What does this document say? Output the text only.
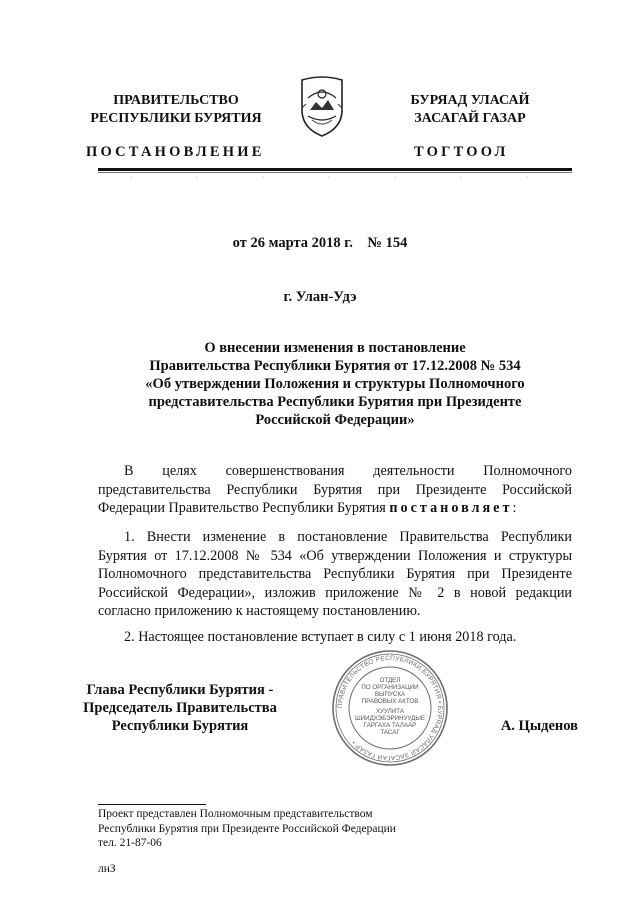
ПРАВИТЕЛЬСТВО
РЕСПУБЛИКИ БУРЯТИЯ
БУРЯАД УЛАСАЙ
ЗАСАГАЙ ГАЗАР
ПОСТАНОВЛЕНИЕ	ТОГТООЛ
от 26 марта 2018 г.    № 154
г. Улан-Удэ
О внесении изменения в постановление
Правительства Республики Бурятия от 17.12.2008 № 534
«Об утверждении Положения и структуры Полномочного
представительства Республики Бурятия при Президенте
Российской Федерации»
В целях совершенствования деятельности Полномочного представительства Республики Бурятия при Президенте Российской Федерации Правительство Республики Бурятия постановляет:
1. Внести изменение в постановление Правительства Республики Бурятия от 17.12.2008 № 534 «Об утверждении Положения и структуры Полномочного представительства Республики Бурятия при Президенте Российской Федерации», изложив приложение № 2 в новой редакции согласно приложению к настоящему постановлению.
2. Настоящее постановление вступает в силу с 1 июня 2018 года.
ПРАВИТЕЛЬСТВО РЕСПУБЛИКИ БУРЯТИЯ • БУРЯАД УЛАСАЙ ЗАСАГАЙ ГАЗАР •
ОТДЕЛ
ПО ОРГАНИЗАЦИИ
ВЫПУСКА
ПРАВОВЫХ АКТОВ
ХУУЛИТА
ШИИДХЭБЭРИНУУДЫЕ
ГАРГАХА ТАЛААР
ТАСАГ
Глава Республики Бурятия -
Председатель Правительства
Республики Бурятия	А. Цыденов
Проект представлен Полномочным представительством
Республики Бурятия при Президенте Российской Федерации
тел. 21-87-06
лнЗ
